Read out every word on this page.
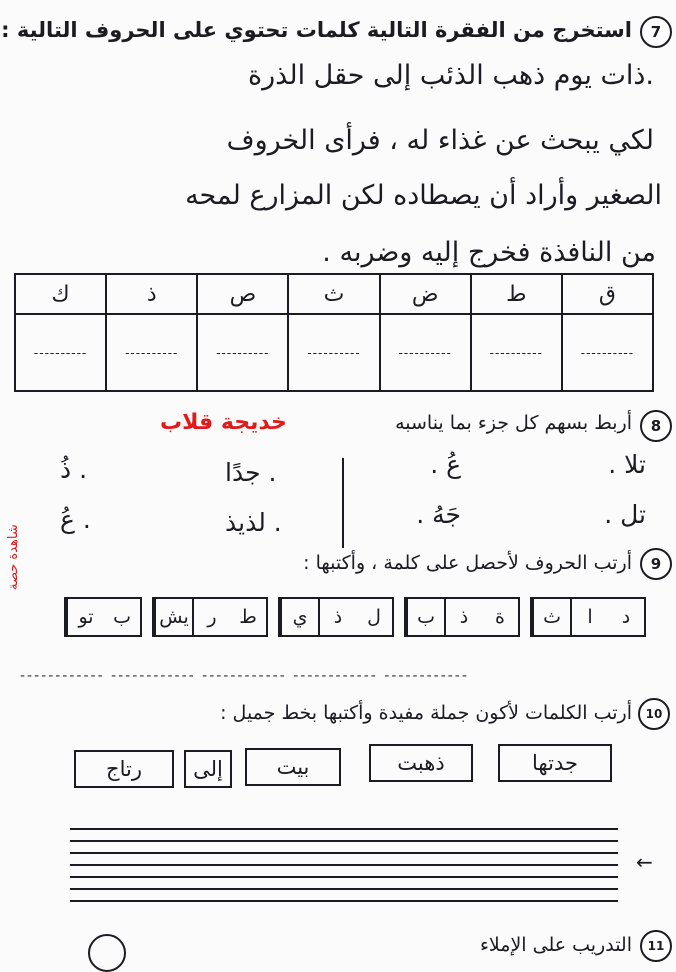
7
استخرج من الفقرة التالية كلمات تحتوي على الحروف التالية :
.ذات يوم ذهب الذئب إلى حقل الذرة
لكي يبحث عن غذاء له ، فرأى الخروف
الصغير وأراد أن يصطاده لكن المزارع لمحه
من النافذة فخرج إليه وضربه .
ق	ط	ض	ث	ص	ذ	ك
----------	----------	----------	----------	----------	----------	----------
8
أربط بسهم كل جزء بما يناسبه
خديجة قلاب
تلا .
تل .
عُ .
جَهُ .
. جدًا
. لذيذ
. ذُ
. عُ
شاهدة حصة	9
أرتب الحروف لأحصل على كلمة ، وأكتبها :
د
ا
ث
ة
ذ
ب
ل
ذ
ي
ط
ر
يش
ب
تو
------------ ------------ ------------ ------------ ------------
10
أرتب الكلمات لأكون جملة مفيدة وأكتبها بخط جميل :
جدتها
ذهبت
بيت
إلى
رتاج
←
11
التدريب على الإملاء
